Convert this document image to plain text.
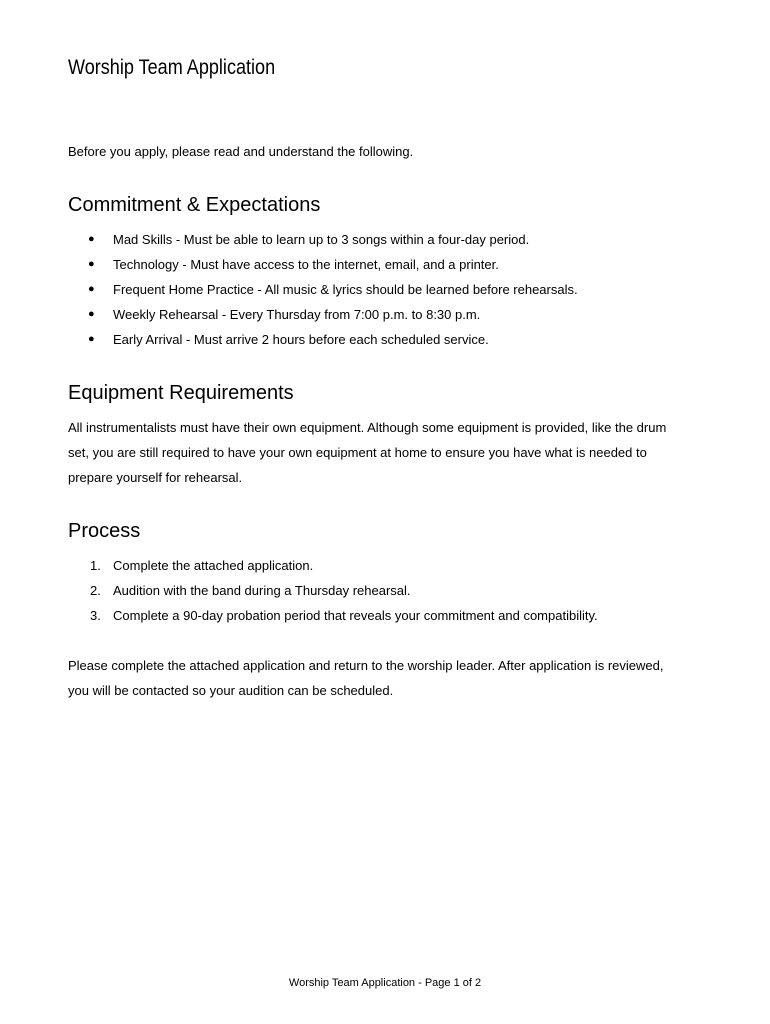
Worship Team Application

Before you apply, please read and understand the following.

Commitment & Expectations
● Mad Skills - Must be able to learn up to 3 songs within a four-day period.
● Technology - Must have access to the internet, email, and a printer.
● Frequent Home Practice - All music & lyrics should be learned before rehearsals.
● Weekly Rehearsal - Every Thursday from 7:00 p.m. to 8:30 p.m.
● Early Arrival - Must arrive 2 hours before each scheduled service.
Equipment Requirements

All instrumentalists must have their own equipment. Although some equipment is provided, like the drum set, you are still required to have your own equipment at home to ensure you have what is needed to prepare yourself for rehearsal.

Process
1. Complete the attached application.
2. Audition with the band during a Thursday rehearsal.
3. Complete a 90-day probation period that reveals your commitment and compatibility.

Please complete the attached application and return to the worship leader. After application is reviewed, you will be contacted so your audition can be scheduled.

Worship Team Application - Page 1 of 2
